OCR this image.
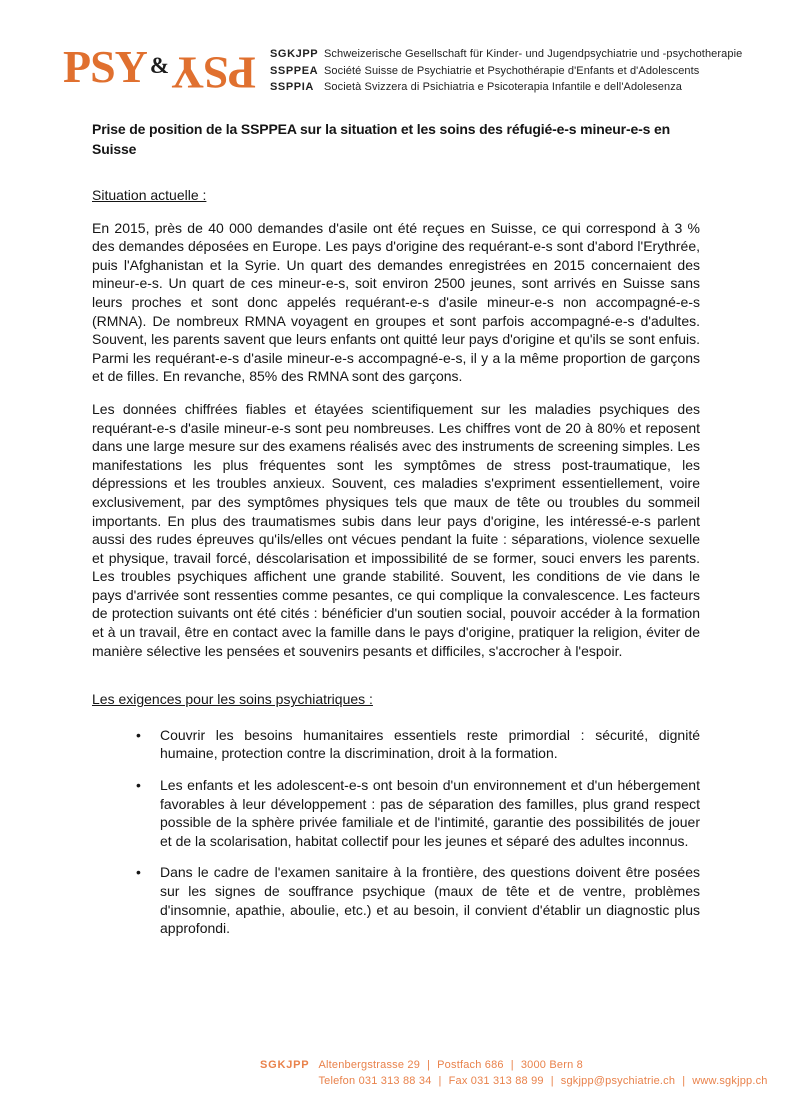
PSY &PSY SGKJPP Schweizerische Gesellschaft für Kinder- und Jugendpsychiatrie und -psychotherapie
SSPPEA Société Suisse de Psychiatrie et Psychothérapie d'Enfants et d'Adolescents
SSPPIA Società Svizzera di Psichiatria e Psicoterapia Infantile e dell'Adolesenza

Prise de position de la SSPPEA sur la situation et les soins des réfugié-e-s mineur-e-s en Suisse

Situation actuelle :

En 2015, près de 40 000 demandes d'asile ont été reçues en Suisse, ce qui correspond à 3 % des demandes déposées en Europe. Les pays d'origine des requérant-e-s sont d'abord l'Erythrée, puis l'Afghanistan et la Syrie. Un quart des demandes enregistrées en 2015 concernaient des mineur-e-s. Un quart de ces mineur-e-s, soit environ 2500 jeunes, sont arrivés en Suisse sans leurs proches et sont donc appelés requérant-e-s d'asile mineur-e-s non accompagné-e-s (RMNA). De nombreux RMNA voyagent en groupes et sont parfois accompagné-e-s d'adultes. Souvent, les parents savent que leurs enfants ont quitté leur pays d'origine et qu'ils se sont enfuis. Parmi les requérant-e-s d'asile mineur-e-s accompagné-e-s, il y a la même proportion de garçons et de filles. En revanche, 85% des RMNA sont des garçons.

Les données chiffrées fiables et étayées scientifiquement sur les maladies psychiques des requérant-e-s d'asile mineur-e-s sont peu nombreuses. Les chiffres vont de 20 à 80% et reposent dans une large mesure sur des examens réalisés avec des instruments de screening simples. Les manifestations les plus fréquentes sont les symptômes de stress post-traumatique, les dépressions et les troubles anxieux. Souvent, ces maladies s'expriment essentiellement, voire exclusivement, par des symptômes physiques tels que maux de tête ou troubles du sommeil importants. En plus des traumatismes subis dans leur pays d'origine, les intéressé-e-s parlent aussi des rudes épreuves qu'ils/elles ont vécues pendant la fuite : séparations, violence sexuelle et physique, travail forcé, déscolarisation et impossibilité de se former, souci envers les parents. Les troubles psychiques affichent une grande stabilité. Souvent, les conditions de vie dans le pays d'arrivée sont ressenties comme pesantes, ce qui complique la convalescence. Les facteurs de protection suivants ont été cités : bénéficier d'un soutien social, pouvoir accéder à la formation et à un travail, être en contact avec la famille dans le pays d'origine, pratiquer la religion, éviter de manière sélective les pensées et souvenirs pesants et difficiles, s'accrocher à l'espoir.

Les exigences pour les soins psychiatriques :

• Couvrir les besoins humanitaires essentiels reste primordial : sécurité, dignité humaine, protection contre la discrimination, droit à la formation.
• Les enfants et les adolescent-e-s ont besoin d'un environnement et d'un hébergement favorables à leur développement : pas de séparation des familles, plus grand respect possible de la sphère privée familiale et de l'intimité, garantie des possibilités de jouer et de la scolarisation, habitat collectif pour les jeunes et séparé des adultes inconnus.
• Dans le cadre de l'examen sanitaire à la frontière, des questions doivent être posées sur les signes de souffrance psychique (maux de tête et de ventre, problèmes d'insomnie, apathie, aboulie, etc.) et au besoin, il convient d'établir un diagnostic plus approfondi.
SGKJPP Altenbergstrasse 29 | Postfach 686 | 3000 Bern 8
Telefon 031 313 88 34 | Fax 031 313 88 99 | sgkjpp@psychiatrie.ch | www.sgkjpp.ch
